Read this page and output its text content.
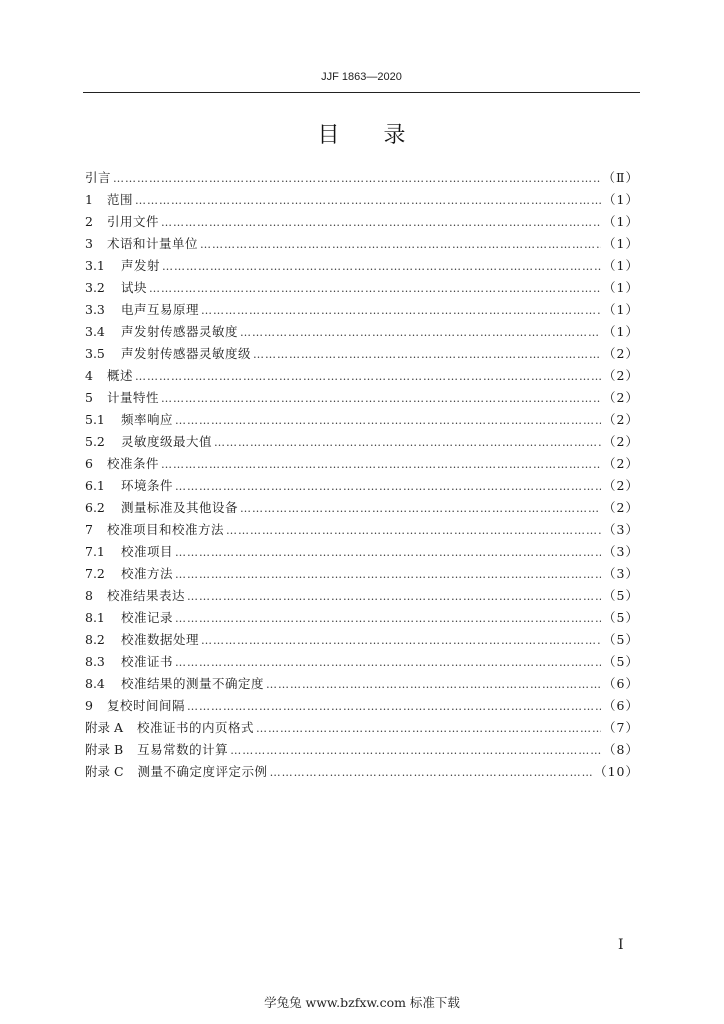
JJF 1863—2020
目录
引言 ……………………………………………………………………………………………………………………………………………………………………………………………………………………………………………………………………	（Ⅱ）
1	范围 ……………………………………………………………………………………………………………………………………………………………………………………………………………………………………………………………………	（1）
2	引用文件 ……………………………………………………………………………………………………………………………………………………………………………………………………………………………………………………………………	（1）
3	术语和计量单位 ……………………………………………………………………………………………………………………………………………………………………………………………………………………………………………………………………	（1）
3.1	声发射 ……………………………………………………………………………………………………………………………………………………………………………………………………………………………………………………………………	（1）
3.2	试块 ……………………………………………………………………………………………………………………………………………………………………………………………………………………………………………………………………	（1）
3.3	电声互易原理 ……………………………………………………………………………………………………………………………………………………………………………………………………………………………………………………………………	（1）
3.4	声发射传感器灵敏度 ……………………………………………………………………………………………………………………………………………………………………………………………………………………………………………………………………	（1）
3.5	声发射传感器灵敏度级 ……………………………………………………………………………………………………………………………………………………………………………………………………………………………………………………………………	（2）
4	概述 ……………………………………………………………………………………………………………………………………………………………………………………………………………………………………………………………………	（2）
5	计量特性 ……………………………………………………………………………………………………………………………………………………………………………………………………………………………………………………………………	（2）
5.1	频率响应 ……………………………………………………………………………………………………………………………………………………………………………………………………………………………………………………………………	（2）
5.2	灵敏度级最大值 ……………………………………………………………………………………………………………………………………………………………………………………………………………………………………………………………………	（2）
6	校准条件 ……………………………………………………………………………………………………………………………………………………………………………………………………………………………………………………………………	（2）
6.1	环境条件 ……………………………………………………………………………………………………………………………………………………………………………………………………………………………………………………………………	（2）
6.2	测量标准及其他设备 ……………………………………………………………………………………………………………………………………………………………………………………………………………………………………………………………………	（2）
7	校准项目和校准方法 ……………………………………………………………………………………………………………………………………………………………………………………………………………………………………………………………………	（3）
7.1	校准项目 ……………………………………………………………………………………………………………………………………………………………………………………………………………………………………………………………………	（3）
7.2	校准方法 ……………………………………………………………………………………………………………………………………………………………………………………………………………………………………………………………………	（3）
8	校准结果表达 ……………………………………………………………………………………………………………………………………………………………………………………………………………………………………………………………………	（5）
8.1	校准记录 ……………………………………………………………………………………………………………………………………………………………………………………………………………………………………………………………………	（5）
8.2	校准数据处理 ……………………………………………………………………………………………………………………………………………………………………………………………………………………………………………………………………	（5）
8.3	校准证书 ……………………………………………………………………………………………………………………………………………………………………………………………………………………………………………………………………	（5）
8.4	校准结果的测量不确定度 ……………………………………………………………………………………………………………………………………………………………………………………………………………………………………………………………………	（6）
9	复校时间间隔 ……………………………………………………………………………………………………………………………………………………………………………………………………………………………………………………………………	（6）
附录 A 校准证书的内页格式 ……………………………………………………………………………………………………………………………………………………………………………………………………………………………………………………………………	（7）
附录 B 互易常数的计算 ……………………………………………………………………………………………………………………………………………………………………………………………………………………………………………………………………	（8）
附录 C 测量不确定度评定示例 ……………………………………………………………………………………………………………………………………………………………………………………………………………………………………………………………………	（10）
I
学兔兔 www.bzfxw.com 标准下载
